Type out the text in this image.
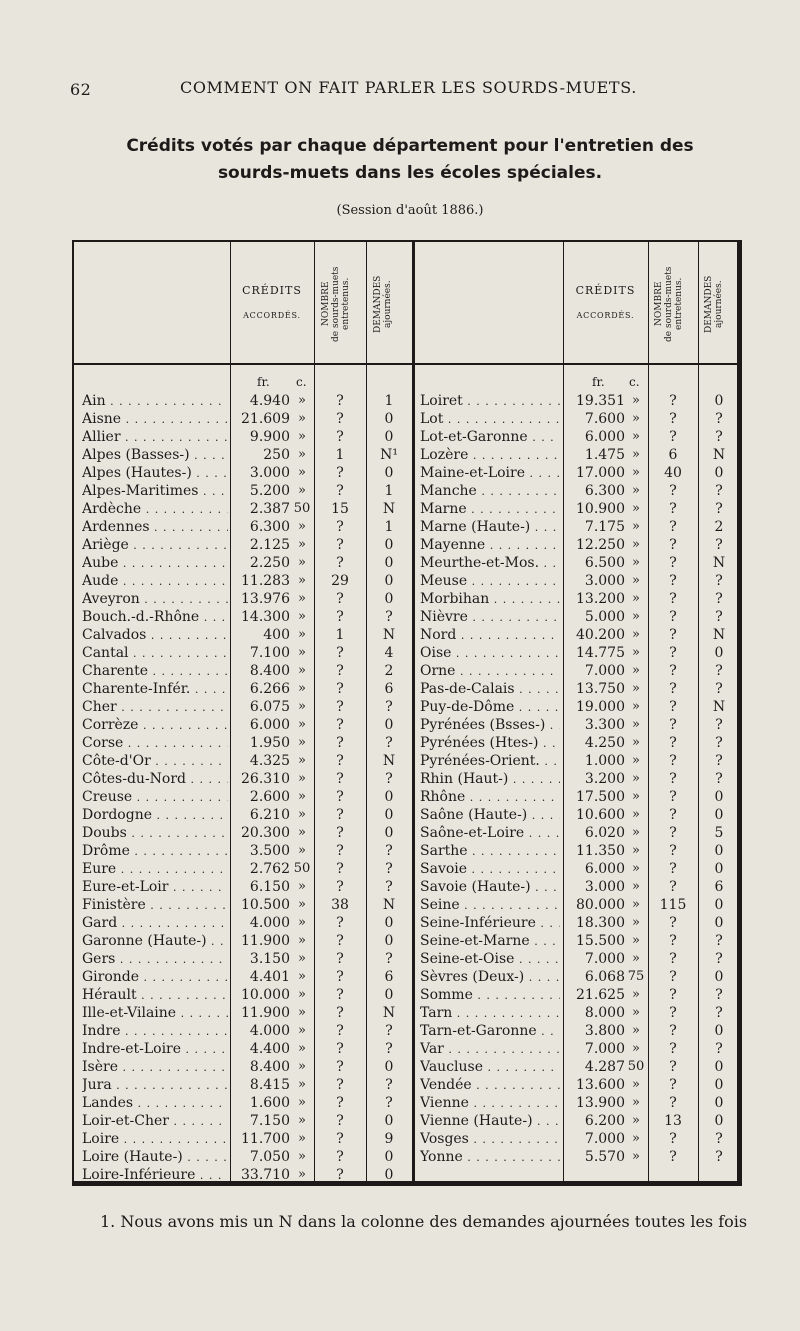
62	COMMENT ON FAIT PARLER LES SOURDS-MUETS.
Crédits votés par chaque département pour l'entretien des
sourds-muets dans les écoles spéciales.
(Session d'août 1886.)
CRÉDITS
ACCORDÉS.	NOMBRE
de sourds-muets
entretenus.	DEMANDES
ajournées.	CRÉDITS
ACCORDÉS.	NOMBRE
de sourds-muets
entretenus.	DEMANDES
ajournées.
fr. c.	fr. c.
Ain . . .	4.940 »	?	1	Loiret . . .	19.351 »	?	0
Aisne . . .	21.609 »	?	0	Lot . . .	7.600 »	?	?
Allier . . .	9.900 »	?	0	Lot-et-Garonne . . .	6.000 »	?	?
Alpes (Basses-) . . .	250 »	1	N¹	Lozère . . .	1.475 »	6	N
Alpes (Hautes-) . . .	3.000 »	?	0	Maine-et-Loire . . .	17.000 »	40	0
Alpes-Maritimes . . .	5.200 »	?	1	Manche . . .	6.300 »	?	?
Ardèche . . .	2.387 50	15	N	Marne . . .	10.900 »	?	?
Ardennes . . .	6.300 »	?	1	Marne (Haute-) . . .	7.175 »	?	2
Ariège . . .	2.125 »	?	0	Mayenne . . .	12.250 »	?	?
Aube . . .	2.250 »	?	0	Meurthe-et-Mos. . . .	6.500 »	?	N
Aude . . .	11.283 »	29	0	Meuse . . .	3.000 »	?	?
Aveyron . . .	13.976 »	?	0	Morbihan . . .	13.200 »	?	?
Bouch.-d.-Rhône . . .	14.300 »	?	?	Nièvre . . .	5.000 »	?	?
Calvados . . .	400 »	1	N	Nord . . .	40.200 »	?	N
Cantal . . .	7.100 »	?	4	Oise . . .	14.775 »	?	0
Charente . . .	8.400 »	?	2	Orne . . .	7.000 »	?	?
Charente-Infér. . . .	6.266 »	?	6	Pas-de-Calais . . .	13.750 »	?	?
Cher . . .	6.075 »	?	?	Puy-de-Dôme . . .	19.000 »	?	N
Corrèze . . .	6.000 »	?	0	Pyrénées (Bsses-) . . .	3.300 »	?	?
Corse . . .	1.950 »	?	?	Pyrénées (Htes-) . . .	4.250 »	?	?
Côte-d'Or . . .	4.325 »	?	N	Pyrénées-Orient. . . .	1.000 »	?	?
Côtes-du-Nord . . .	26.310 »	?	?	Rhin (Haut-) . . .	3.200 »	?	?
Creuse . . .	2.600 »	?	0	Rhône . . .	17.500 »	?	0
Dordogne . . .	6.210 »	?	0	Saône (Haute-) . . .	10.600 »	?	0
Doubs . . .	20.300 »	?	0	Saône-et-Loire . . .	6.020 »	?	5
Drôme . . .	3.500 »	?	?	Sarthe . . .	11.350 »	?	0
Eure . . .	2.762 50	?	?	Savoie . . .	6.000 »	?	0
Eure-et-Loir . . .	6.150 »	?	?	Savoie (Haute-) . . .	3.000 »	?	6
Finistère . . .	10.500 »	38	N	Seine . . .	80.000 »	115	0
Gard . . .	4.000 »	?	0	Seine-Inférieure . . .	18.300 »	?	0
Garonne (Haute-) . . .	11.900 »	?	0	Seine-et-Marne . . .	15.500 »	?	?
Gers . . .	3.150 »	?	?	Seine-et-Oise . . .	7.000 »	?	?
Gironde . . .	4.401 »	?	6	Sèvres (Deux-) . . .	6.068 75	?	0
Hérault . . .	10.000 »	?	0	Somme . . .	21.625 »	?	?
Ille-et-Vilaine . . .	11.900 »	?	N	Tarn . . .	8.000 »	?	?
Indre . . .	4.000 »	?	?	Tarn-et-Garonne . . .	3.800 »	?	0
Indre-et-Loire . . .	4.400 »	?	?	Var . . .	7.000 »	?	?
Isère . . .	8.400 »	?	0	Vaucluse . . .	4.287 50	?	0
Jura . . .	8.415 »	?	?	Vendée . . .	13.600 »	?	0
Landes . . .	1.600 »	?	?	Vienne . . .	13.900 »	?	0
Loir-et-Cher . . .	7.150 »	?	0	Vienne (Haute-) . . .	6.200 »	13	0
Loire . . .	11.700 »	?	9	Vosges . . .	7.000 »	?	?
Loire (Haute-) . . .	7.050 »	?	0	Yonne . . .	5.570 »	?	?
Loire-Inférieure . . .	33.710 »	?	0
1. Nous avons mis un N dans la colonne des demandes ajournées toutes les fois
